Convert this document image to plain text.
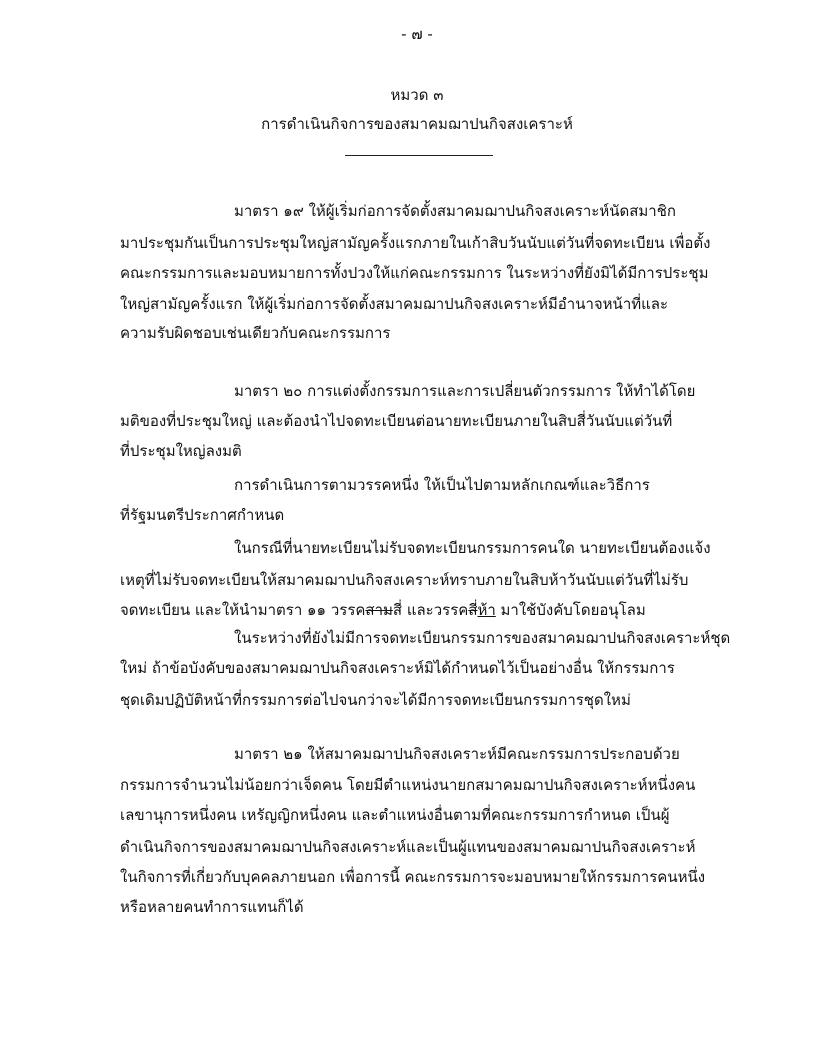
- ๗ -
หมวด ๓
การดำเนินกิจการของสมาคมฌาปนกิจสงเคราะห์
มาตรา ๑๙ ให้ผู้เริ่มก่อการจัดตั้งสมาคมฌาปนกิจสงเคราะห์นัดสมาชิก
มาประชุมกันเป็นการประชุมใหญ่สามัญครั้งแรกภายในเก้าสิบวันนับแต่วันที่จดทะเบียน เพื่อตั้ง
คณะกรรมการและมอบหมายการทั้งปวงให้แก่คณะกรรมการ ในระหว่างที่ยังมิได้มีการประชุม
ใหญ่สามัญครั้งแรก ให้ผู้เริ่มก่อการจัดตั้งสมาคมฌาปนกิจสงเคราะห์มีอำนาจหน้าที่และ
ความรับผิดชอบเช่นเดียวกับคณะกรรมการ
มาตรา ๒๐ การแต่งตั้งกรรมการและการเปลี่ยนตัวกรรมการ ให้ทำได้โดย
มติของที่ประชุมใหญ่ และต้องนำไปจดทะเบียนต่อนายทะเบียนภายในสิบสี่วันนับแต่วันที่
ที่ประชุมใหญ่ลงมติ
การดำเนินการตามวรรคหนึ่ง ให้เป็นไปตามหลักเกณฑ์และวิธีการ
ที่รัฐมนตรีประกาศกำหนด
ในกรณีที่นายทะเบียนไม่รับจดทะเบียนกรรมการคนใด นายทะเบียนต้องแจ้ง
เหตุที่ไม่รับจดทะเบียนให้สมาคมฌาปนกิจสงเคราะห์ทราบภายในสิบห้าวันนับแต่วันที่ไม่รับ
จดทะเบียน และให้นำมาตรา ๑๑ วรรคสามสี่ และวรรคสี่ห้า มาใช้บังคับโดยอนุโลม
ในระหว่างที่ยังไม่มีการจดทะเบียนกรรมการของสมาคมฌาปนกิจสงเคราะห์ชุด
ใหม่ ถ้าข้อบังคับของสมาคมฌาปนกิจสงเคราะห์มิได้กำหนดไว้เป็นอย่างอื่น ให้กรรมการ
ชุดเดิมปฏิบัติหน้าที่กรรมการต่อไปจนกว่าจะได้มีการจดทะเบียนกรรมการชุดใหม่
มาตรา ๒๑ ให้สมาคมฌาปนกิจสงเคราะห์มีคณะกรรมการประกอบด้วย
กรรมการจำนวนไม่น้อยกว่าเจ็ดคน โดยมีตำแหน่งนายกสมาคมฌาปนกิจสงเคราะห์หนึ่งคน
เลขานุการหนึ่งคน เหรัญญิกหนึ่งคน และตำแหน่งอื่นตามที่คณะกรรมการกำหนด เป็นผู้
ดำเนินกิจการของสมาคมฌาปนกิจสงเคราะห์และเป็นผู้แทนของสมาคมฌาปนกิจสงเคราะห์
ในกิจการที่เกี่ยวกับบุคคลภายนอก เพื่อการนี้ คณะกรรมการจะมอบหมายให้กรรมการคนหนึ่ง
หรือหลายคนทำการแทนก็ได้
